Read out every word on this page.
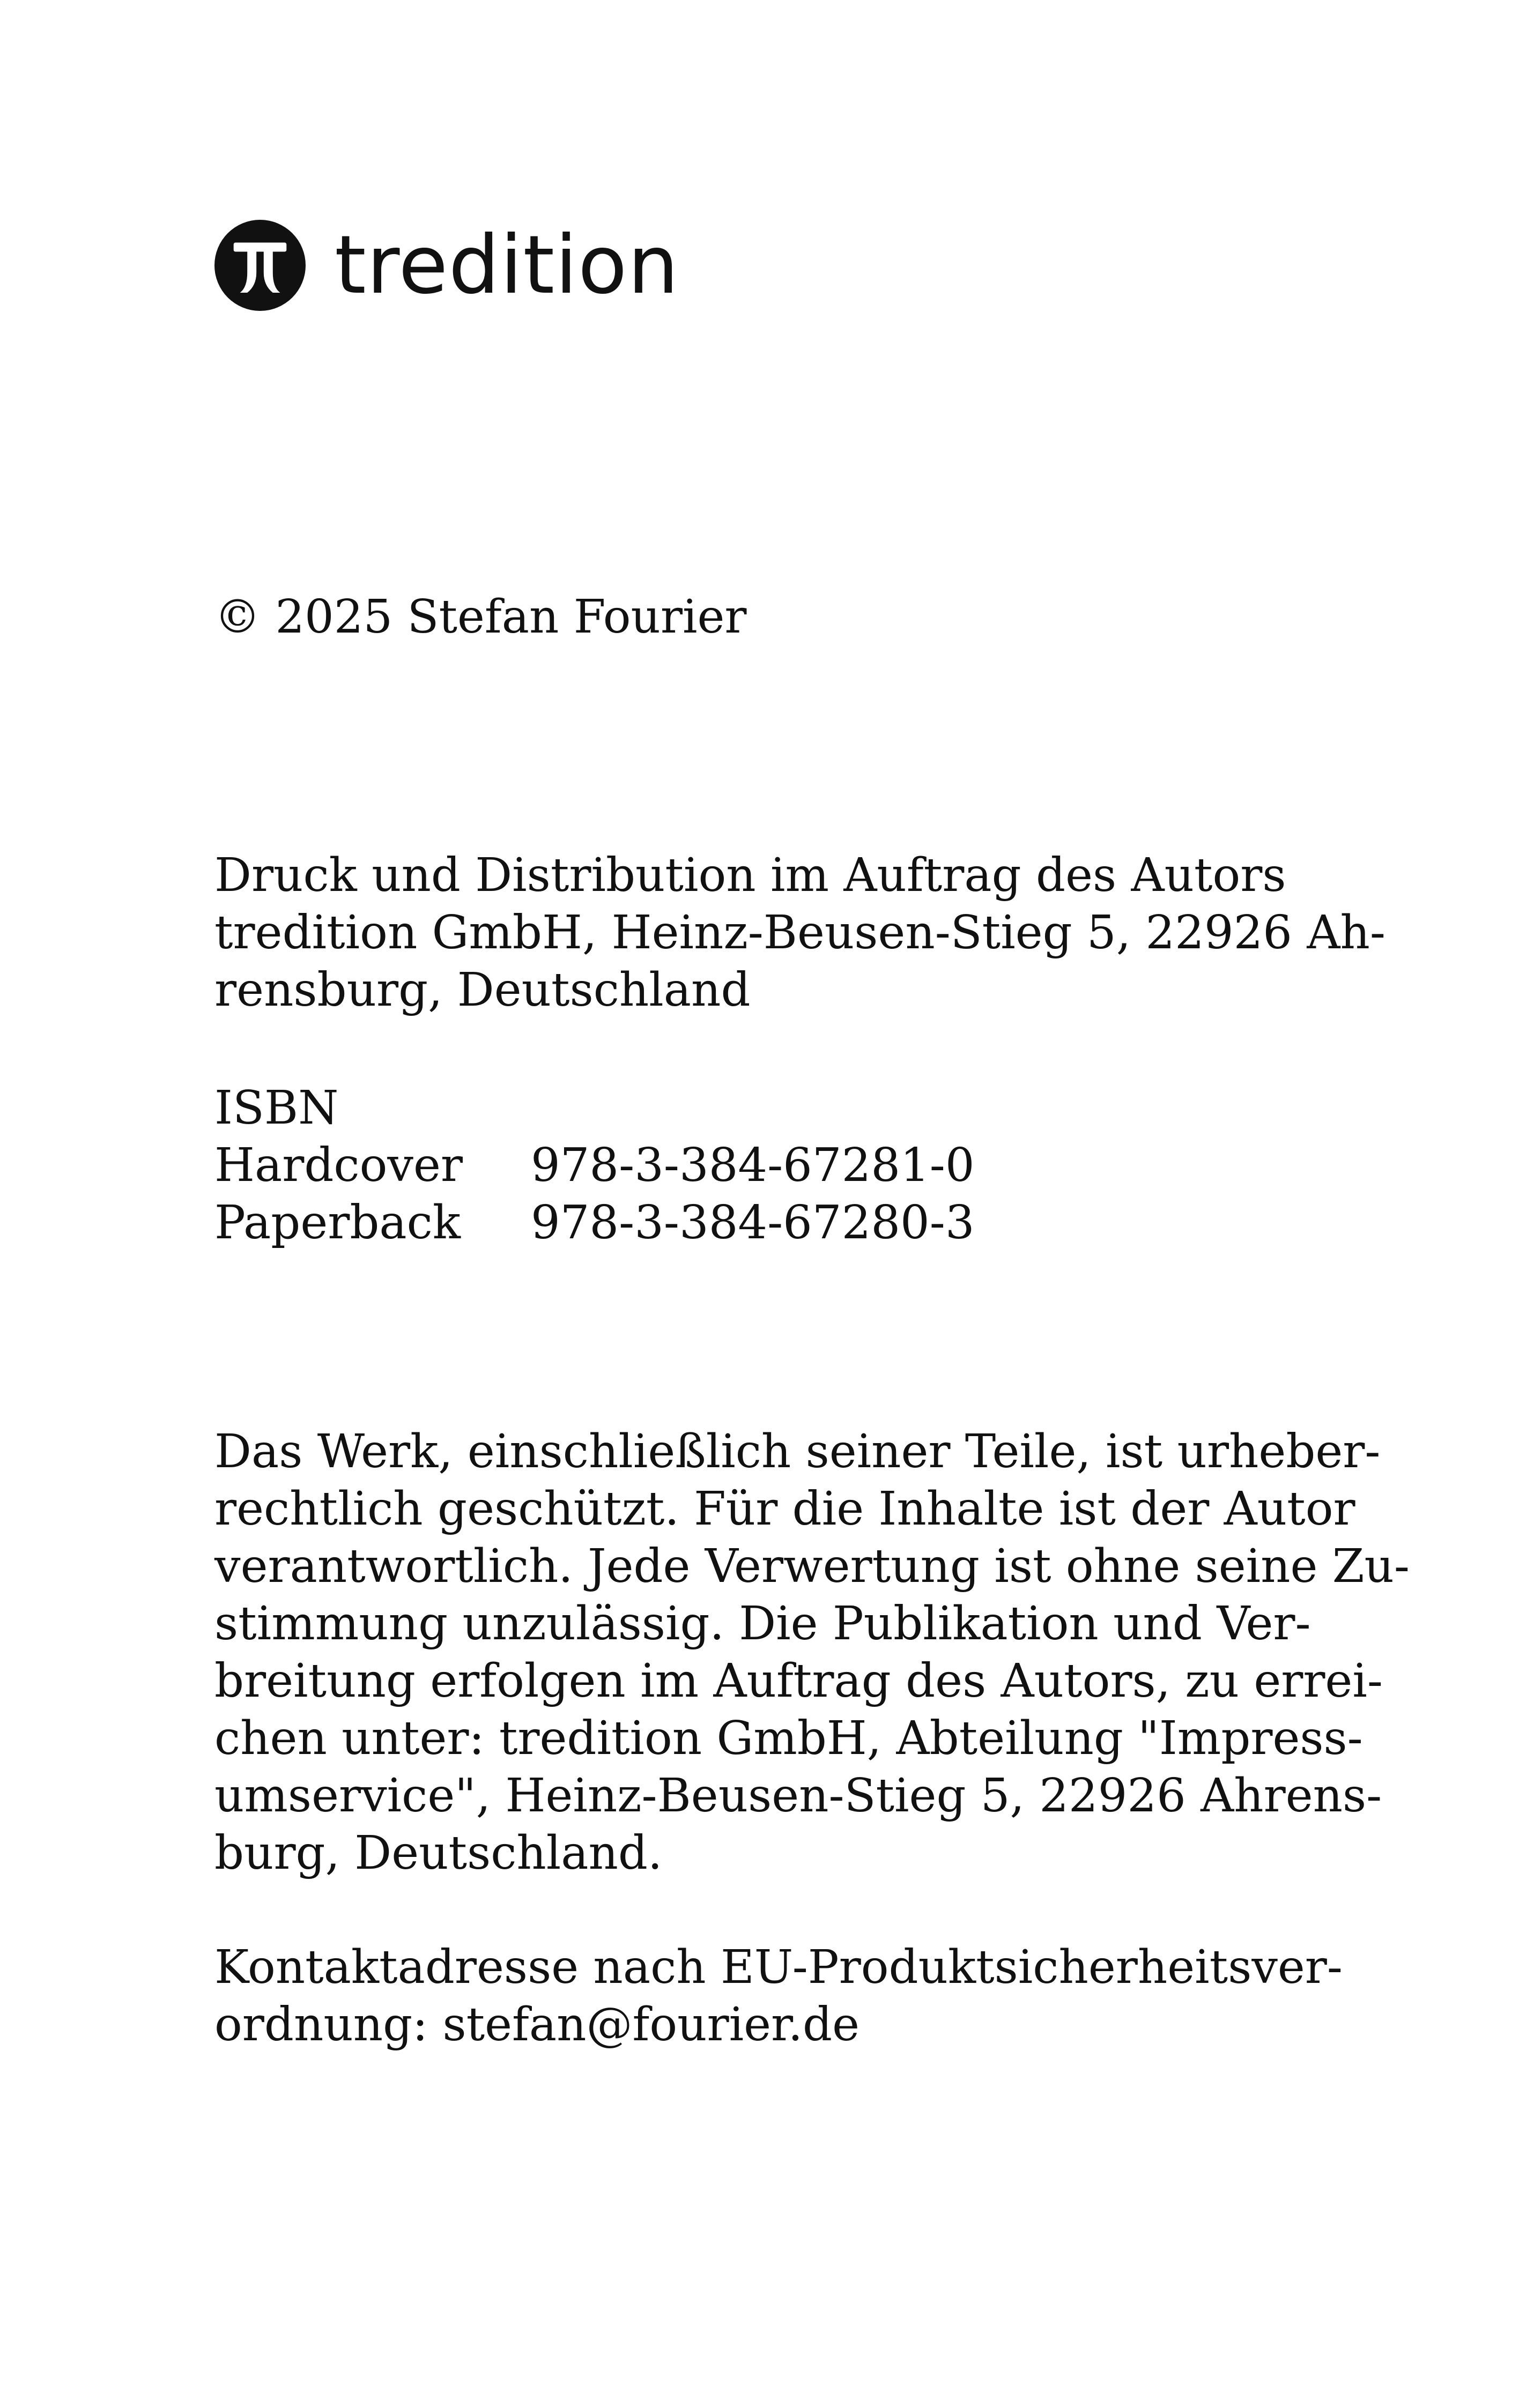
tredition
© 2025 Stefan Fourier
Druck und Distribution im Auftrag des Autors
tredition GmbH, Heinz-Beusen-Stieg 5, 22926 Ah-
rensburg, Deutschland
ISBN
Hardcover	978-3-384-67281-0
Paperback	978-3-384-67280-3
Das Werk, einschließlich seiner Teile, ist urheber-
rechtlich geschützt. Für die Inhalte ist der Autor
verantwortlich. Jede Verwertung ist ohne seine Zu-
stimmung unzulässig. Die Publikation und Ver-
breitung erfolgen im Auftrag des Autors, zu errei-
chen unter: tredition GmbH, Abteilung "Impress-
umservice", Heinz-Beusen-Stieg 5, 22926 Ahrens-
burg, Deutschland.
Kontaktadresse nach EU-Produktsicherheitsver-
ordnung: stefan@fourier.de
